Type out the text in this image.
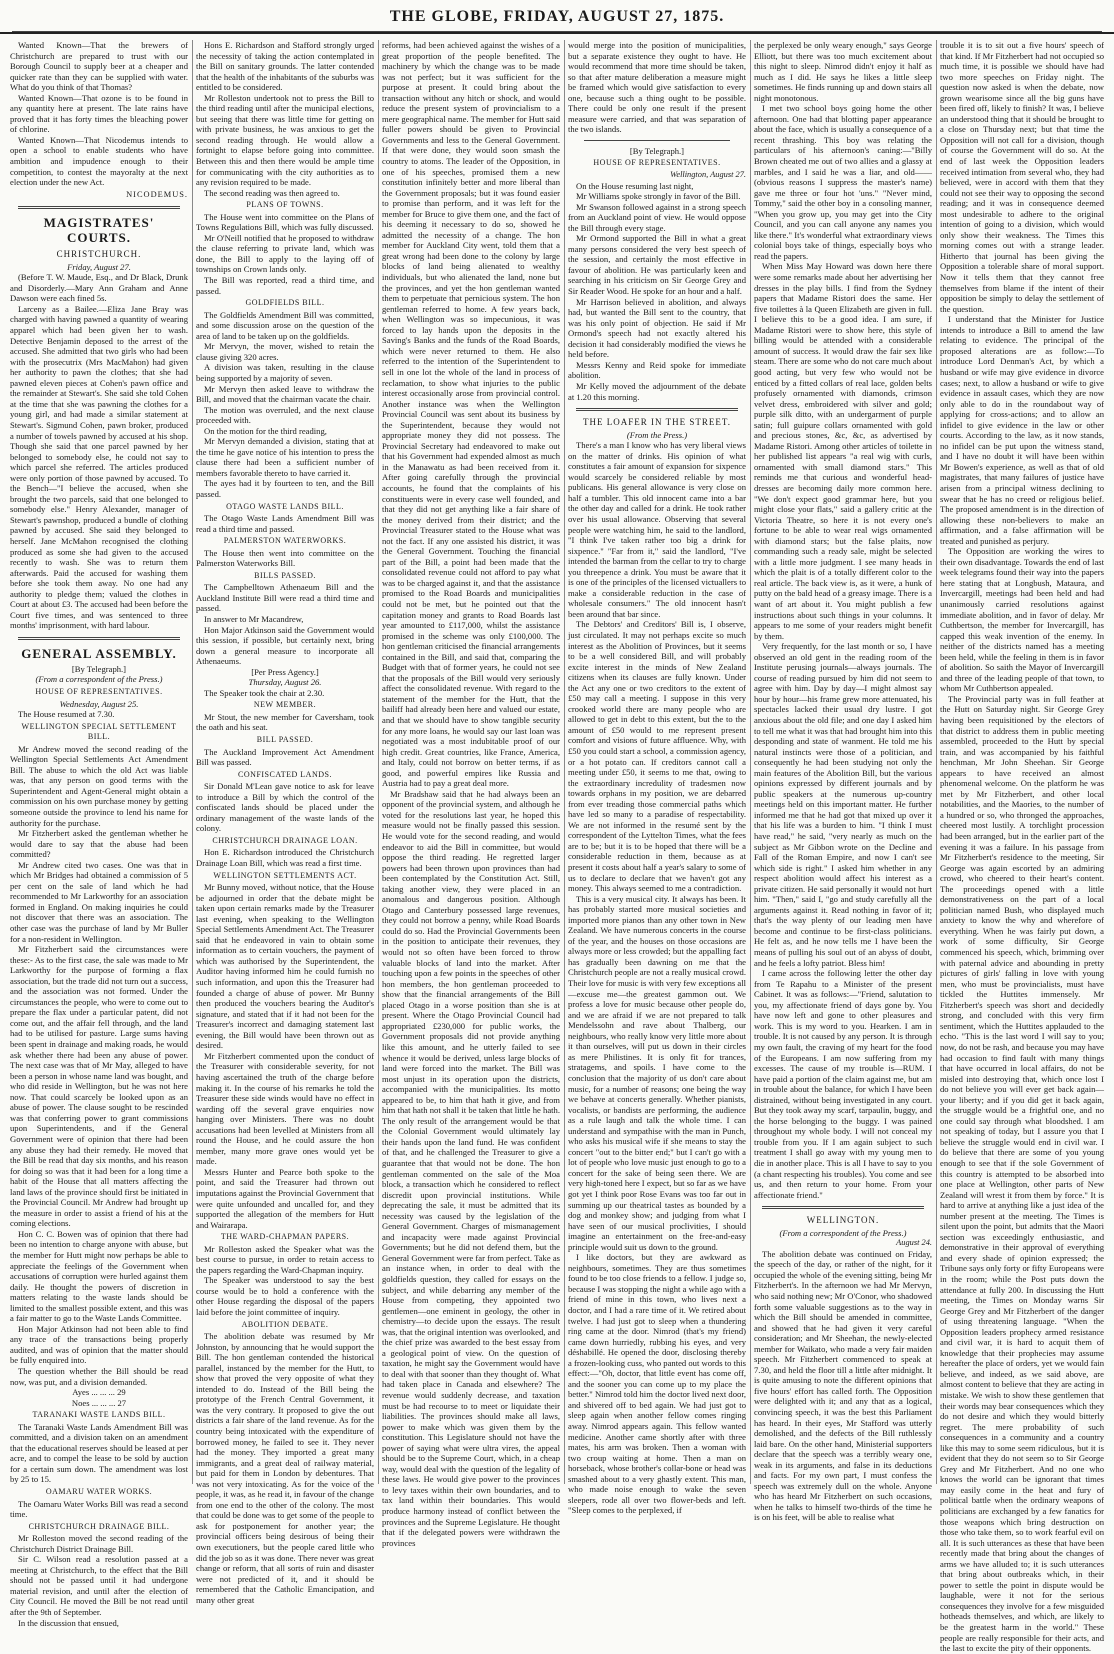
THE GLOBE, FRIDAY, AUGUST 27, 1875.

Wanted Known—That the brewers of Christchurch are prepared to trust with our Borough Council to supply beer at a cheaper and quicker rate than they can be supplied with water. What do you think of that Thomas?

Wanted Known—That ozone is to be found in any quantity here at present. The late rains have proved that it has forty times the bleaching power of chlorine.

Wanted Known—That Nicodemus intends to open a school to enable students who have ambition and impudence enough to their competition, to contest the mayoralty at the next election under the new Act.

NICODEMUS.
MAGISTRATES' COURTS.
CHRISTCHURCH.
Friday, August 27.

(Before T. W. Maude, Esq., and Dr Black, Drunk and Disorderly.—Mary Ann Graham and Anne Dawson were each fined 5s.

Larceny as a Bailee.—Eliza Jane Bray was charged with having pawned a quantity of wearing apparel which had been given her to wash. Detective Benjamin deposed to the arrest of the accused. She admitted that two girls who had been with the prosecutrix (Mrs MacMahon) had given her authority to pawn the clothes; that she had pawned eleven pieces at Cohen's pawn office and the remainder at Stewart's. She said she told Cohen at the time that she was pawning the clothes for a young girl, and had made a similar statement at Stewart's. Sigmund Cohen, pawn broker, produced a number of towels pawned by accused at his shop. Though she said that one parcel pawned by her belonged to somebody else, he could not say to which parcel she referred. The articles produced were only portion of those pawned by accused. To the Bench—"I believe the accused, when she brought the two parcels, said that one belonged to somebody else." Henry Alexander, manager of Stewart's pawnshop, produced a bundle of clothing pawned by accused. She said they belonged to herself. Jane McMahon recognised the clothing produced as some she had given to the accused recently to wash. She was to return them afterwards. Paid the accused for washing them before she took them away. No one had any authority to pledge them; valued the clothes in Court at about £3. The accused had been before the Court five times, and was sentenced to three months' imprisonment, with hard labour.

GENERAL ASSEMBLY.
[By Telegraph.]
(From a correspondent of the Press.)
HOUSE OF REPRESENTATIVES.
Wednesday, August 25.

The House resumed at 7.30.

WELLINGTON SPECIAL SETTLEMENT BILL.

Mr Andrew moved the second reading of the Wellington Special Settlements Act Amendment Bill. The abuse to which the old Act was liable was, that any person on good terms with the Superintendent and Agent-General might obtain a commission on his own purchase money by getting someone outside the province to lend his name for authority for the purchase.

Mr Fitzherbert asked the gentleman whether he would dare to say that the abuse had been committed?

Mr Andrew cited two cases. One was that in which Mr Bridges had obtained a commission of 5 per cent on the sale of land which he had recommended to Mr Larkworthy for an association formed in England. On making inquiries he could not discover that there was an association. The other case was the purchase of land by Mr Buller for a non-resident in Wellington.

Mr Fitzherbert said the circumstances were these:- As to the first case, the sale was made to Mr Larkworthy for the purpose of forming a flax association, but the trade did not turn out a success, and the association was not formed. Under the circumstances the people, who were to come out to prepare the flax under a particular patent, did not come out, and the affair fell through, and the land had to be utilised for pasture. Large sums having been spent in drainage and making roads, he would ask whether there had been any abuse of power. The next case was that of Mr May, alleged to have been a person in whose name land was bought, and who did reside in Wellington, but he was not here now. That could scarcely be looked upon as an abuse of power. The clause sought to be rescinded was that conferring power to grant commissions upon Superintendents, and if the General Government were of opinion that there had been any abuse they had their remedy. He moved that the Bill be read that day six months, and his reason for doing so was that it had been for a long time a habit of the House that all matters affecting the land laws of the province should first be initiated in the Provincial Council. Mr Andrew had brought up the measure in order to assist a friend of his at the coming elections.

Hon C. C. Bowen was of opinion that there had been no intention to charge anyone with abuse, but the member for Hutt might now perhaps be able to appreciate the feelings of the Government when accusations of corruption were hurled against them daily. He thought the powers of discretion in matters relating to the waste lands should be limited to the smallest possible extent, and this was a fair matter to go to the Waste Lands Committee.

Hon Major Atkinson had not been able to find any trace of the transactions being properly audited, and was of opinion that the matter should be fully enquired into.

The question whether the Bill should be read now, was put, and a division demanded.

Ayes ... ... ... 29
Noes ... ... ... 27
TARANAKI WASTE LANDS BILL.

The Taranaki Waste Lands Amendment Bill was committed, and a division taken on an amendment that the educational reserves should be leased at per acre, and to compel the lease to be sold by auction for a certain sum down. The amendment was lost by 25 to 15.

OAMARU WATER WORKS.

The Oamaru Water Works Bill was read a second time.

CHRISTCHURCH DRAINAGE BILL.

Mr Rolleston moved the second reading of the Christchurch District Drainage Bill.

Sir C. Wilson read a resolution passed at a meeting at Christchurch, to the effect that the Bill should not be passed until it had undergone material revision, and until after the election of City Council. He moved the Bill be not read until after the 9th of September.

In the discussion that ensued,

Hons E. Richardson and Stafford strongly urged the necessity of taking the action contemplated in the Bill on sanitary grounds. The latter contended that the health of the inhabitants of the suburbs was entitled to be considered.

Mr Rolleston undertook not to press the Bill to the third reading until after the municipal elections, but seeing that there was little time for getting on with private business, he was anxious to get the second reading through. He would allow a fortnight to elapse before going into committee. Between this and then there would be ample time for communicating with the city authorities as to any revision required to be made.

The second reading was then agreed to.

PLANS OF TOWNS.

The House went into committee on the Plans of Towns Regulations Bill, which was fully discussed.

Mr O'Neill notified that he proposed to withdraw the clause referring to private land, which was done, the Bill to apply to the laying off of townships on Crown lands only.

The Bill was reported, read a third time, and passed.

GOLDFIELDS BILL.

The Goldfields Amendment Bill was committed, and some discussion arose on the question of the area of land to be taken up on the goldfields.

Mr Mervyn, the mover, wished to retain the clause giving 320 acres.

A division was taken, resulting in the clause being supported by a majority of seven.

Mr Mervyn then asked leave to withdraw the Bill, and moved that the chairman vacate the chair.

The motion was overruled, and the next clause proceeded with.

On the motion for the third reading,

Mr Mervyn demanded a division, stating that at the time he gave notice of his intention to press the clause there had been a sufficient number of members favorable thereto to have carried it.

The ayes had it by fourteen to ten, and the Bill passed.

OTAGO WASTE LANDS BILL.

The Otago Waste Lands Amendment Bill was read a third time and passed.

PALMERSTON WATERWORKS.

The House then went into committee on the Palmerston Waterworks Bill.

BILLS PASSED.

The Campbelltown Athenaeum Bill and the Auckland Institute Bill were read a third time and passed.

In answer to Mr Macandrew,

Hon Major Atkinson said the Government would this session, if possible, but certainly next, bring down a general measure to incorporate all Athenaeums.

[Per Press Agency.]
Thursday, August 26.

The Speaker took the chair at 2.30.

NEW MEMBER.

Mr Stout, the new member for Caversham, took the oath and his seat.

BILL PASSED.

The Auckland Improvement Act Amendment Bill was passed.

CONFISCATED LANDS.

Sir Donald M'Lean gave notice to ask for leave to introduce a Bill by which the control of the confiscated lands should be placed under the ordinary management of the waste lands of the colony.

CHRISTCHURCH DRAINAGE LOAN.

Hon E. Richardson introduced the Christchurch Drainage Loan Bill, which was read a first time.

WELLINGTON SETTLEMENTS ACT.

Mr Bunny moved, without notice, that the House be adjourned in order that the debate might be taken upon certain remarks made by the Treasurer last evening, when speaking to the Wellington Special Settlements Amendment Act. The Treasurer said that he endeavored in vain to obtain some information as to certain vouchers, the payment of which was authorised by the Superintendent, the Auditor having informed him he could furnish no such information, and upon this the Treasurer had founded a charge of abuse of power. Mr Bunny then produced the vouchers bearing the Auditor's signature, and stated that if it had not been for the Treasurer's incorrect and damaging statement last evening, the Bill would have been thrown out as desired.

Mr Fitzherbert commented upon the conduct of the Treasurer with considerable severity, for not having ascertained the truth of the charge before making it. In the course of his remarks he told the Treasurer these side winds would have no effect in warding off the several grave enquiries now hanging over Ministers. There was no doubt accusations had been levelled at Ministers from all round the House, and he could assure the hon member, many more grave ones would yet be made.

Messrs Hunter and Pearce both spoke to the point, and said the Treasurer had thrown out imputations against the Provincial Government that were quite unfounded and uncalled for, and they supported the allegation of the members for Hutt and Wairarapa.

THE WARD-CHAPMAN PAPERS.

Mr Rolleston asked the Speaker what was the best course to pursue, in order to retain access to the papers regarding the Ward-Chapman inquiry.

The Speaker was understood to say the best course would be to hold a conference with the other House regarding the disposal of the papers laid before the joint committee of inquiry.

ABOLITION DEBATE.

The abolition debate was resumed by Mr Johnston, by announcing that he would support the Bill. The hon gentleman contended the historical parallel, instanced by the member for the Hutt, to show that proved the very opposite of what they intended to do. Instead of the Bill being the prototype of the French Central Government, it was the very contrary. It proposed to give the out districts a fair share of the land revenue. As for the country being intoxicated with the expenditure of borrowed money, he failed to see it. They never had the money. They imported a great many immigrants, and a great deal of railway material, but paid for them in London by debentures. That was not very intoxicating. As for the voice of the people, it was, as he read it, in favour of the change from one end to the other of the colony. The most that could be done was to get some of the people to ask for postponement for another year; the provincial officers being desirous of being their own executioners, but the people cared little who did the job so as it was done. There never was great change or reform, that all sorts of ruin and disaster were not predicted of it, and it should be remembered that the Catholic Emancipation, and many other great

reforms, had been achieved against the wishes of a great proportion of the people benefited. The machinery by which the change was to be made was not perfect; but it was sufficient for the purpose at present. It could bring about the transaction without any hitch or shock, and would reduce the present system of provincialism to a mere geographical name. The member for Hutt said fuller powers should be given to Provincial Governments and less to the General Government. If that were done, they would soon smash the country to atoms. The leader of the Opposition, in one of his speeches, promised them a new constitution infinitely better and more liberal than the Government proposals; but it was found easier to promise than perform, and it was left for the member for Bruce to give them one, and the fact of his deeming it necessary to do so, showed he admitted the necessity of a change. The hon member for Auckland City went, told them that a great wrong had been done to the colony by large blocks of land being alienated to wealthy individuals, but who alienated the land, none but the provinces, and yet the hon gentleman wanted them to perpetuate that pernicious system. The hon gentleman referred to home. A few years back, when Wellington was so impecunious, it was forced to lay hands upon the deposits in the Saving's Banks and the funds of the Road Boards, which were never returned to them. He also referred to the intention of the Superintendent to sell in one lot the whole of the land in process of reclamation, to show what injuries to the public interest occasionally arose from provincial control. Another instance was when the Wellington Provincial Council was sent about its business by the Superintendent, because they would not appropriate money they did not possess. The Provincial Secretary had endeavored to make out that his Government had expended almost as much in the Manawatu as had been received from it. After going carefully through the provincial accounts, he found that the complaints of his constituents were in every case well founded, and that they did not get anything like a fair share of the money derived from their district; and the Provincial Treasurer stated to the House what was not the fact. If any one assisted his district, it was the General Government. Touching the financial part of the Bill, a point had been made that the consolidated revenue could not afford to pay what was to be charged against it, and that the assistance promised to the Road Boards and municipalities could not be met, but he pointed out that the capitation money and grants to Road Boards last year amounted to £117,000, whilst the assistance promised in the scheme was only £100,000. The hon gentleman criticised the financial arrangements contained in the Bill, and said that, comparing the Budget with that of former years, he could not see that the proposals of the Bill would very seriously affect the consolidated revenue. With regard to the statement of the member for the Hutt, that the bailiff had already been here and valued our estate, and that we should have to show tangible security for any more loans, he would say our last loan was negotiated was a most indubitable proof of our high credit. Great countries, like France, America, and Italy, could not borrow on better terms, if as good, and powerful empires like Russia and Austria had to pay a great deal more.

Mr Bradshaw said that he had always been an opponent of the provincial system, and although he voted for the resolutions last year, he hoped this measure would not be finally passed this session. He would vote for the second reading, and would endeavor to aid the Bill in committee, but would oppose the third reading. He regretted larger powers had been thrown upon provinces than had been contemplated by the Constitution Act. Still, taking another view, they were placed in an anomalous and dangerous position. Although Otago and Canterbury possessed large revenues, they could not borrow a penny, while Road Boards could do so. Had the Provincial Governments been in the position to anticipate their revenues, they would not so often have been forced to throw valuable blocks of land into the market. After touching upon a few points in the speeches of other hon members, the hon gentleman proceeded to show that the financial arrangements of the Bill placed Otago in a worse position than she is at present. Where the Otago Provincial Council had appropriated £230,000 for public works, the Government proposals did not provide anything like this amount, and he utterly failed to see whence it would be derived, unless large blocks of land were forced into the market. The Bill was most unjust in its operation upon the districts, accompanied with the municipalities. Its motto appeared to be, to him that hath it give, and from him that hath not shall it be taken that little he hath. The only result of the arrangement would be that the Colonial Government would ultimately lay their hands upon the land fund. He was confident of that, and he challenged the Treasurer to give a guarantee that that would not be done. The hon gentleman commented on the sale of the Moa block, a transaction which he considered to reflect discredit upon provincial institutions. While deprecating the sale, it must be admitted that its necessity was caused by the legislation of the General Government. Charges of mismanagement and incapacity were made against Provincial Governments; but he did not defend them, but the General Government were far from perfect. Take as an instance when, in order to deal with the goldfields question, they called for essays on the subject, and while debarring any member of the House from competing, they appointed two gentlemen—one eminent in geology, the other in chemistry—to decide upon the essays. The result was, that the original intention was overlooked, and the chief prize was awarded to the best essay from a geological point of view. On the question of taxation, he might say the Government would have to deal with that sooner than they thought of. What had taken place in Canada and elsewhere? The revenue would suddenly decrease, and taxation must be had recourse to to meet or liquidate their liabilities. The provinces should make all laws, power to make which was given them by the constitution. This Legislature should not have the power of saying what were ultra vires, the appeal should be to the Supreme Court, which, in a cheap way, would deal with the question of the legality of these laws. He would give power to the provinces to levy taxes within their own boundaries, and to tax land within their boundaries. This would produce harmony instead of conflict between the provinces and the Supreme Legislature. He thought that if the delegated powers were withdrawn the provinces

would merge into the position of municipalities, but a separate existence they ought to have. He would recommend that more time should be taken, so that after mature deliberation a measure might be framed which would give satisfaction to every one, because such a thing ought to be possible. There could be only one result if the present measure were carried, and that was separation of the two islands.

[By Telegraph.]
HOUSE OF REPRESENTATIVES.
Wellington, August 27.

On the House resuming last night,

Mr Williams spoke strongly in favor of the Bill.

Mr Swanson followed against in a strong speech from an Auckland point of view. He would oppose the Bill through every stage.

Mr Ormond supported the Bill in what a great many persons considered the very best speech of the session, and certainly the most effective in favour of abolition. He was particularly keen and searching in his criticism on Sir George Grey and Sir Reader Wood. He spoke for an hour and a half.

Mr Harrison believed in abolition, and always had, but wanted the Bill sent to the country, that was his only point of objection. He said if Mr Ormond's speech had not exactly altered his decision it had considerably modified the views he held before.

Messrs Kenny and Reid spoke for immediate abolition.

Mr Kelly moved the adjournment of the debate at 1.20 this morning.

THE LOAFER IN THE STREET.
(From the Press.)

There's a man I know who has very liberal views on the matter of drinks. His opinion of what constitutes a fair amount of expansion for sixpence would scarcely be considered reliable by most publicans. His general allowance is very close on half a tumbler. This old innocent came into a bar the other day and called for a drink. He took rather over his usual allowance. Observing that several people were watching him, he said to the landlord, "I think I've taken rather too big a drink for sixpence." "Far from it," said the landlord, "I've intended the barman from the cellar to try to charge you threepence a drink. You must be aware that it is one of the principles of the licensed victuallers to make a considerable reduction in the case of wholesale consumers." The old innocent hasn't been around that bar since.

The Debtors' and Creditors' Bill is, I observe, just circulated. It may not perhaps excite so much interest as the Abolition of Provinces, but it seems to be a well considered Bill, and will probably excite interest in the minds of New Zealand citizens when its clauses are fully known. Under the Act any one or two creditors to the extent of £50 may call a meeting. I suppose in this very crooked world there are many people who are allowed to get in debt to this extent, but the to the amount of £50 would to me represent present comfort and visions of future affluence. Why, with £50 you could start a school, a commission agency, or a hot potato can. If creditors cannot call a meeting under £50, it seems to me that, owing to the extraordinary incredulity of tradesmen now towards orphans in my position, we are debarred from ever treading those commercial paths which have led so many to a paradise of respectability. We are not informed in the resumé sent by the correspondent of the Lyttelton Times, what the fees are to be; but it is to be hoped that there will be a considerable reduction in them, because as at present it costs about half a year's salary to some of us to declare to declare that we haven't got any money. This always seemed to me a contradiction.

This is a very musical city. It always has been. It has probably started more musical societies and imported more pianos than any other town in New Zealand. We have numerous concerts in the course of the year, and the houses on those occasions are always more or less crowded; but the appalling fact has gradually been dawning on me that the Christchurch people are not a really musical crowd. Their love for music is with very few exceptions all—excuse me—the greatest gammon out. We profess a love for music because other people do, and we are afraid if we are not prepared to talk Mendelssohn and rave about Thalberg, our neighbours, who really know very little more about it than ourselves, will put us down in their circles as mere Philistines. It is only fit for trances, stratagems, and spoils. I have come to the conclusion that the majority of us don't care about music, for a number of reasons; one being the way we behave at concerts generally. Whether pianists, vocalists, or bandists are performing, the audience as a rule laugh and talk the whole time. I can understand and sympathise with the man in Punch, who asks his musical wife if she means to stay the concert "out to the bitter end;" but I can't go with a lot of people who love music just enough to go to a concert for the sake of being seen there. We are very high-toned here I expect, but so far as we have got yet I think poor Rose Evans was too far out in summing up our theatrical tastes as bounded by a dog and monkey show; and judging from what I have seen of our musical proclivities, I should imagine an entertainment on the free-and-easy principle would suit us down to the ground.

I like doctors, but they are awkward as neighbours, sometimes. They are thus sometimes found to be too close friends to a fellow. I judge so, because I was stopping the night a while ago with a friend of mine in this town, who lives next a doctor, and I had a rare time of it. We retired about twelve. I had just got to sleep when a thundering ring came at the door. Nimrod (that's my friend) came down hurriedly, rubbing his eyes, and very déshabillé. He opened the door, disclosing thereby a frozen-looking cuss, who panted out words to this effect:—"Oh, doctor, that little event has come off, and the sooner you can come up to my place the better." Nimrod told him the doctor lived next door, and shivered off to bed again. We had just got to sleep again when another fellow comes ringing away. Nimrod appears again. This fellow wanted medicine. Another came shortly after with three mates, his arm was broken. Then a woman with two croup waiting at home. Then a man on horseback, whose brother's collar-bone or head was smashed about to a very ghastly extent. This man, who made noise enough to wake the seven sleepers, rode all over two flower-beds and left. "Sleep comes to the perplexed, if

the perplexed be only weary enough," says George Elliott, but there was too much excitement about this night to sleep. Nimrod didn't enjoy it half as much as I did. He says he likes a little sleep sometimes. He finds running up and down stairs all night monotonous.

I met two school boys going home the other afternoon. One had that blotting paper appearance about the face, which is usually a consequence of a recent thrashing. This boy was relating the particulars of his afternoon's caning:—"Billy Brown cheated me out of two allies and a glassy at marbles, and I said he was a liar, and old——(obvious reasons I suppress the master's name) gave me three or four hot 'uns." "Never mind, Tommy," said the other boy in a consoling manner, "When you grow up, you may get into the City Council, and you can call anyone any names you like there." It's wonderful what extraordinary views colonial boys take of things, especially boys who read the papers.

When Miss May Howard was down here there were some remarks made about her advertising her dresses in the play bills. I find from the Sydney papers that Madame Ristori does the same. Her five toilettes à la Queen Elizabeth are given in full. I believe this to be a good idea. I am sure, if Madame Ristori were to show here, this style of billing would be attended with a considerable amount of success. It would draw the fair sex like steam. There are some who do not care much about good acting, but very few who would not be enticed by a fitted collars of real lace, golden belts profusely ornamented with diamonds, crimson velvet dress, embroidered with silver and gold; purple silk ditto, with an undergarment of purple satin; full guipure collars ornamented with gold and precious stones, &c, &c, as advertised by Madame Ristori. Among other articles of toilette in her published list appears "a real wig with curls, ornamented with small diamond stars." This reminds me that curious and wonderful head-dresses are becoming daily more common here. "We don't expect good grammar here, but you might close your flats," said a gallery critic at the Victoria Theatre, so here it is not every one's fortune to be able to wear real wigs ornamented with diamond stars; but the false plaits, now commanding such a ready sale, might be selected with a little more judgment. I see many heads in which the plait is of a totally different color to the real article. The back view is, as it were, a hunk of putty on the bald head of a greasy image. There is a want of art about it. You might publish a few instructions about such things in your columns. It appears to me some of your readers might benefit by them.

Very frequently, for the last month or so, I have observed an old gent in the reading room of the Institute perusing journals—always journals. The course of reading pursued by him did not seem to agree with him. Day by day—I might almost say hour by hour—his frame grew more attenuated, his spectacles lacked their usual dry lustre. I got anxious about the old file; and one day I asked him to tell me what it was that had brought him into this desponding and state of wanment. He told me his natural instincts were those of a politician, and consequently he had been studying not only the main features of the Abolition Bill, but the various opinions expressed by different journals and by public speakers at the numerous up-country meetings held on this important matter. He further informed me that he had got that mixed up over it that his life was a burden to him. "I think I must have read," he said, "very nearly as much on the subject as Mr Gibbon wrote on the Decline and Fall of the Roman Empire, and now I can't see which side is right." I asked him whether in any respect abolition would affect his interest as a private citizen. He said personally it would not hurt him. "Then," said I, "go and study carefully all the arguments against it. Read nothing in favor of it; that's the way plenty of our leading men have become and continue to be first-class politicians. He felt as, and he now tells me I have been the means of pulling his soul out of an abyss of doubt, and he feels a lofty patriot. Bless him!

I came across the following letter the other day from Te Rapahu to a Minister of the present Cabinet. It was as follows:—"Friend, salutation to you, my affectionate friend of days gone by. You have now left and gone to other pleasures and work. This is my word to you. Hearken. I am in trouble. It is not caused by any person. It is through my own fault, the craving of my heart for the food of the Europeans. I am now suffering from my excesses. The cause of my trouble is—RUM. I have paid a portion of the claim against me, but am in trouble about the balance, for which I have been distrained, without being investigated in any court. But they took away my scarf, tarpaulin, buggy, and the horse belonging to the buggy. I was pained throughout my whole body. I will not conceal my trouble from you. If I am again subject to such treatment I shall go away with my young men to die in another place. This is all I have to say to you (a chant respecting his troubles). You come and see us, and then return to your home. From your affectionate friend."

WELLINGTON.
(From a correspondent of the Press.)
August 24.

The abolition debate was continued on Friday, the speech of the day, or rather of the night, for it occupied the whole of the evening sitting, being Mr Fitzherbert's. In the afternoon we had Mr Mervyn, who said nothing new; Mr O'Conor, who shadowed forth some valuable suggestions as to the way in which the Bill should be amended in committee, and showed that he had given it very careful consideration; and Mr Sheehan, the newly-elected member for Waikato, who made a very fair maiden speech. Mr Fitzherbert commenced to speak at 7.30, and held the floor till a little after midnight. It is quite amusing to note the different opinions that five hours' effort has called forth. The Opposition were delighted with it; and any that as a logical, convincing speech, it was the best this Parliament has heard. In their eyes, Mr Stafford was utterly demolished, and the defects of the Bill ruthlessly laid bare. On the other hand, Ministerial supporters declare that the speech was a terribly weary one, weak in its arguments, and false in its deductions and facts. For my own part, I must confess the speech was extremely dull on the whole. Anyone who has heard Mr Fitzherbert on such occasions, when he talks to himself two-thirds of the time he is on his feet, will be able to realise what

trouble it is to sit out a five hours' speech of that kind. If Mr Fitzherbert had not occupied so much time, it is possible we should have had two more speeches on Friday night. The question now asked is when the debate, now grown wearisome since all the big guns have been fired off, likely to finish? It was, I believe an understood thing that it should be brought to a close on Thursday next; but that time the Opposition will not call for a division, though of course the Government will do so. At the end of last week the Opposition leaders received intimation from several who, they had believed, were in accord with them that they could not see their way to opposing the second reading; and it was in consequence deemed most undesirable to adhere to the original intention of going to a division, which would only show their weakness. The Times this morning comes out with a strange leader. Hitherto that journal has been giving the Opposition a tolerable share of moral support. Now it tells them that they cannot free themselves from blame if the intent of their opposition be simply to delay the settlement of the question.

I understand that the Minister for Justice intends to introduce a Bill to amend the law relating to evidence. The principal of the proposed alterations are as follow:—To introduce Lord Denman's Act, by which a husband or wife may give evidence in divorce cases; next, to allow a husband or wife to give evidence in assault cases, which they are now only able to do in the roundabout way of applying for cross-actions; and to allow an infidel to give evidence in the law or other courts. According to the law, as it now stands, no infidel can be put upon the witness stand, and I have no doubt it will have been within Mr Bowen's experience, as well as that of old magistrates, that many failures of justice have arisen from a principal witness declining to swear that he has no creed or religious belief. The proposed amendment is in the direction of allowing these non-believers to make an affirmation, and a false affirmation will be treated and punished as perjury.

The Opposition are working the wires to their own disadvantage. Towards the end of last week telegrams found their way into the papers here stating that at Longbush, Mataura, and Invercargill, meetings had been held and had unanimously carried resolutions against immediate abolition, and in favor of delay. Mr Cuthbertson, the member for Invercargill, has capped this weak invention of the enemy. In neither of the districts named has a meeting been held, while the feeling in them is in favor of abolition. So saith the Mayor of Invercargill and three of the leading people of that town, to whom Mr Cuthbertson appealed.

The Provincial party was in full feather at the Hutt on Saturday night. Sir George Grey having been requisitioned by the electors of that district to address them in public meeting assembled, proceeded to the Hutt by special train, and was accompanied by his faithful henchman, Mr John Sheehan. Sir George appears to have received an almost phenomenal welcome. On the platform he was met by Mr Fitzherbert, and other local notabilities, and the Maories, to the number of a hundred or so, who thronged the approaches, cheered most lustily. A torchlight procession had been arranged, but in the earlier part of the evening it was a failure. In his passage from Mr Fitzherbert's residence to the meeting, Sir George was again escorted by an admiring crowd, who cheered to their heart's content. The proceedings opened with a little demonstrativeness on the part of a local politician named Bush, who displayed much anxiety to know the why and wherefore of everything. When he was fairly put down, a work of some difficulty, Sir George commenced his speech, which, brimming over with paternal advice and abounding in pretty pictures of girls' falling in love with young men, who must be provincialists, must have tickled the Huttites immensely. Mr Fitzherbert's speech was short and decidedly strong, and concluded with this very firm sentiment, which the Huttites applauded to the echo. "This is the last word I will say to you; now, do not be rash, and because you may have had occasion to find fault with many things that have occurred in local affairs, do not be misled into destroying that, which once lost I do not believe you will ever get back again—your liberty; and if you did get it back again, the struggle would be a frightful one, and no one could say through what bloodshed. I am not speaking of today, but I assure you that I believe the struggle would end in civil war. I do believe that there are some of you young enough to see that if the sole Government of this country is attempted to be absorbed into one place at Wellington, other parts of New Zealand will wrest it from them by force." It is hard to arrive at anything like a just idea of the number present at the meeting. The Times is silent upon the point, but admits that the Maori section was exceedingly enthusiastic, and demonstrative in their approval of everything and every shade of opinion expressed; the Tribune says only forty or fifty Europeans were in the room; while the Post puts down the attendance at fully 200. In discussing the Hutt meeting, the Times on Monday warns Sir George Grey and Mr Fitzherbert of the danger of using threatening language. "When the Opposition leaders prophecy armed resistance and civil war, it is hard to acquit them of knowledge that their prophecies may assume hereafter the place of orders, yet we would fain believe, and indeed, as we said above, are almost content to believe that they are acting in mistake. We wish to show these gentlemen that their words may bear consequences which they do not desire and which they would bitterly regret. The mere probability of such consequences in a community and a country like this may to some seem ridiculous, but it is evident that they do not seem so to Sir George Grey and Mr Fitzherbert. And no one who knows the world can be ignorant that times may easily come in the heat and fury of political battle when the ordinary weapons of politicians are exchanged by a few fanatics for those weapons which bring destruction on those who take them, so to work fearful evil on all. It is such utterances as these that have been recently made that bring about the changes of arms we have alluded to; it is such utterances that bring about outbreaks which, in their power to settle the point in dispute would be laughable, were it not for the serious consequences they involve for a few misguided hotheads themselves, and which, are likely to be the greatest harm in the world." These people are really responsible for their acts, and the last to excite the pity of their opponents.
